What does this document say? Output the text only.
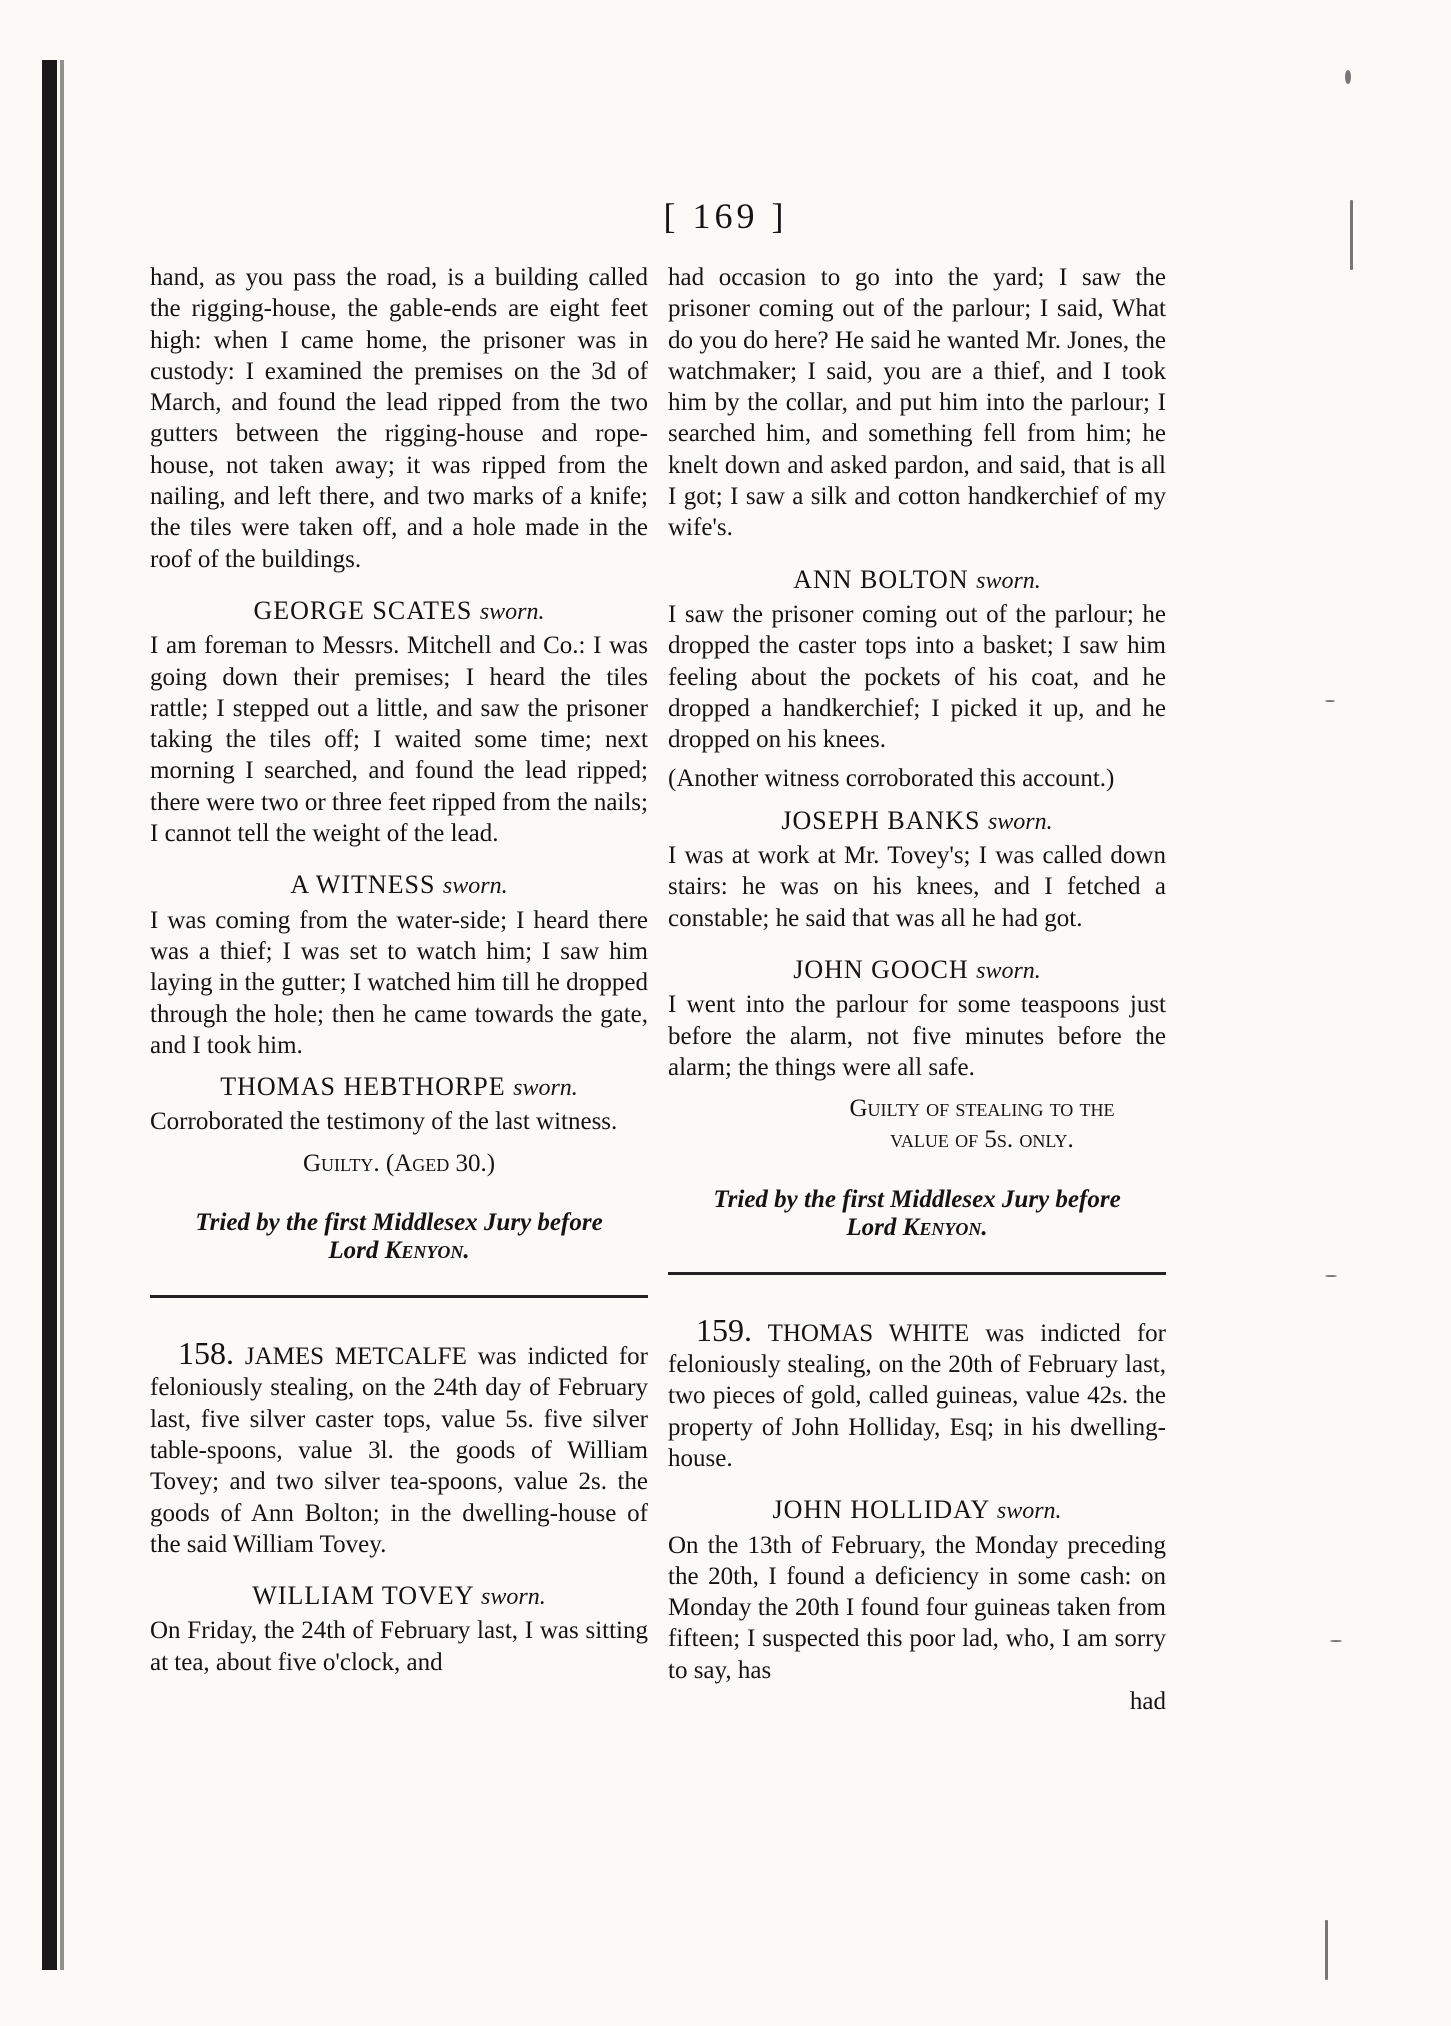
[ 169 ]

hand, as you pass the road, is a building called the rigging-house, the gable-ends are eight feet high: when I came home, the prisoner was in custody: I examined the premises on the 3d of March, and found the lead ripped from the two gutters between the rigging-house and rope-house, not taken away; it was ripped from the nailing, and left there, and two marks of a knife; the tiles were taken off, and a hole made in the roof of the buildings.

GEORGE SCATES sworn.

I am foreman to Messrs. Mitchell and Co.: I was going down their premises; I heard the tiles rattle; I stepped out a little, and saw the prisoner taking the tiles off; I waited some time; next morning I searched, and found the lead ripped; there were two or three feet ripped from the nails; I cannot tell the weight of the lead.

A WITNESS sworn.

I was coming from the water-side; I heard there was a thief; I was set to watch him; I saw him laying in the gutter; I watched him till he dropped through the hole; then he came towards the gate, and I took him.

THOMAS HEBTHORPE sworn.

Corroborated the testimony of the last witness.

Guilty. (Aged 30.)
Tried by the first Middlesex Jury before
Lord Kenyon.

158. JAMES METCALFE was indicted for feloniously stealing, on the 24th day of February last, five silver caster tops, value 5s. five silver table-spoons, value 3l. the goods of William Tovey; and two silver tea-spoons, value 2s. the goods of Ann Bolton; in the dwelling-house of the said William Tovey.

WILLIAM TOVEY sworn.

On Friday, the 24th of February last, I was sitting at tea, about five o'clock, and

had occasion to go into the yard; I saw the prisoner coming out of the parlour; I said, What do you do here? He said he wanted Mr. Jones, the watchmaker; I said, you are a thief, and I took him by the collar, and put him into the parlour; I searched him, and something fell from him; he knelt down and asked pardon, and said, that is all I got; I saw a silk and cotton handkerchief of my wife's.

ANN BOLTON sworn.

I saw the prisoner coming out of the parlour; he dropped the caster tops into a basket; I saw him feeling about the pockets of his coat, and he dropped a handkerchief; I picked it up, and he dropped on his knees.

(Another witness corroborated this account.)

JOSEPH BANKS sworn.

I was at work at Mr. Tovey's; I was called down stairs: he was on his knees, and I fetched a constable; he said that was all he had got.

JOHN GOOCH sworn.

I went into the parlour for some teaspoons just before the alarm, not five minutes before the alarm; the things were all safe.

Guilty of stealing to the
value of 5s. only.
Tried by the first Middlesex Jury before
Lord Kenyon.

159. THOMAS WHITE was indicted for feloniously stealing, on the 20th of February last, two pieces of gold, called guineas, value 42s. the property of John Holliday, Esq; in his dwelling-house.

JOHN HOLLIDAY sworn.

On the 13th of February, the Monday preceding the 20th, I found a deficiency in some cash: on Monday the 20th I found four guineas taken from fifteen; I suspected this poor lad, who, I am sorry to say, has

had
